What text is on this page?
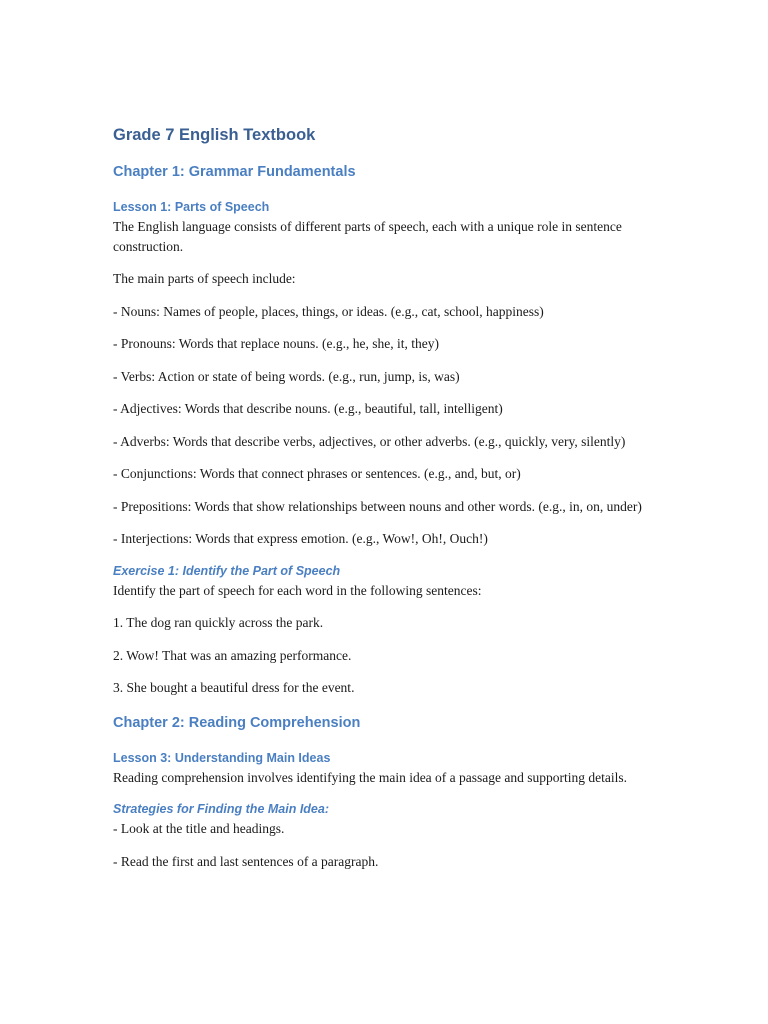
Grade 7 English Textbook
Chapter 1: Grammar Fundamentals
Lesson 1: Parts of Speech

The English language consists of different parts of speech, each with a unique role in sentence construction.

The main parts of speech include:

- Nouns: Names of people, places, things, or ideas. (e.g., cat, school, happiness)

- Pronouns: Words that replace nouns. (e.g., he, she, it, they)

- Verbs: Action or state of being words. (e.g., run, jump, is, was)

- Adjectives: Words that describe nouns. (e.g., beautiful, tall, intelligent)

- Adverbs: Words that describe verbs, adjectives, or other adverbs. (e.g., quickly, very, silently)

- Conjunctions: Words that connect phrases or sentences. (e.g., and, but, or)

- Prepositions: Words that show relationships between nouns and other words. (e.g., in, on, under)

- Interjections: Words that express emotion. (e.g., Wow!, Oh!, Ouch!)

Exercise 1: Identify the Part of Speech

Identify the part of speech for each word in the following sentences:

1. The dog ran quickly across the park.

2. Wow! That was an amazing performance.

3. She bought a beautiful dress for the event.

Chapter 2: Reading Comprehension
Lesson 3: Understanding Main Ideas

Reading comprehension involves identifying the main idea of a passage and supporting details.

Strategies for Finding the Main Idea:

- Look at the title and headings.

- Read the first and last sentences of a paragraph.
